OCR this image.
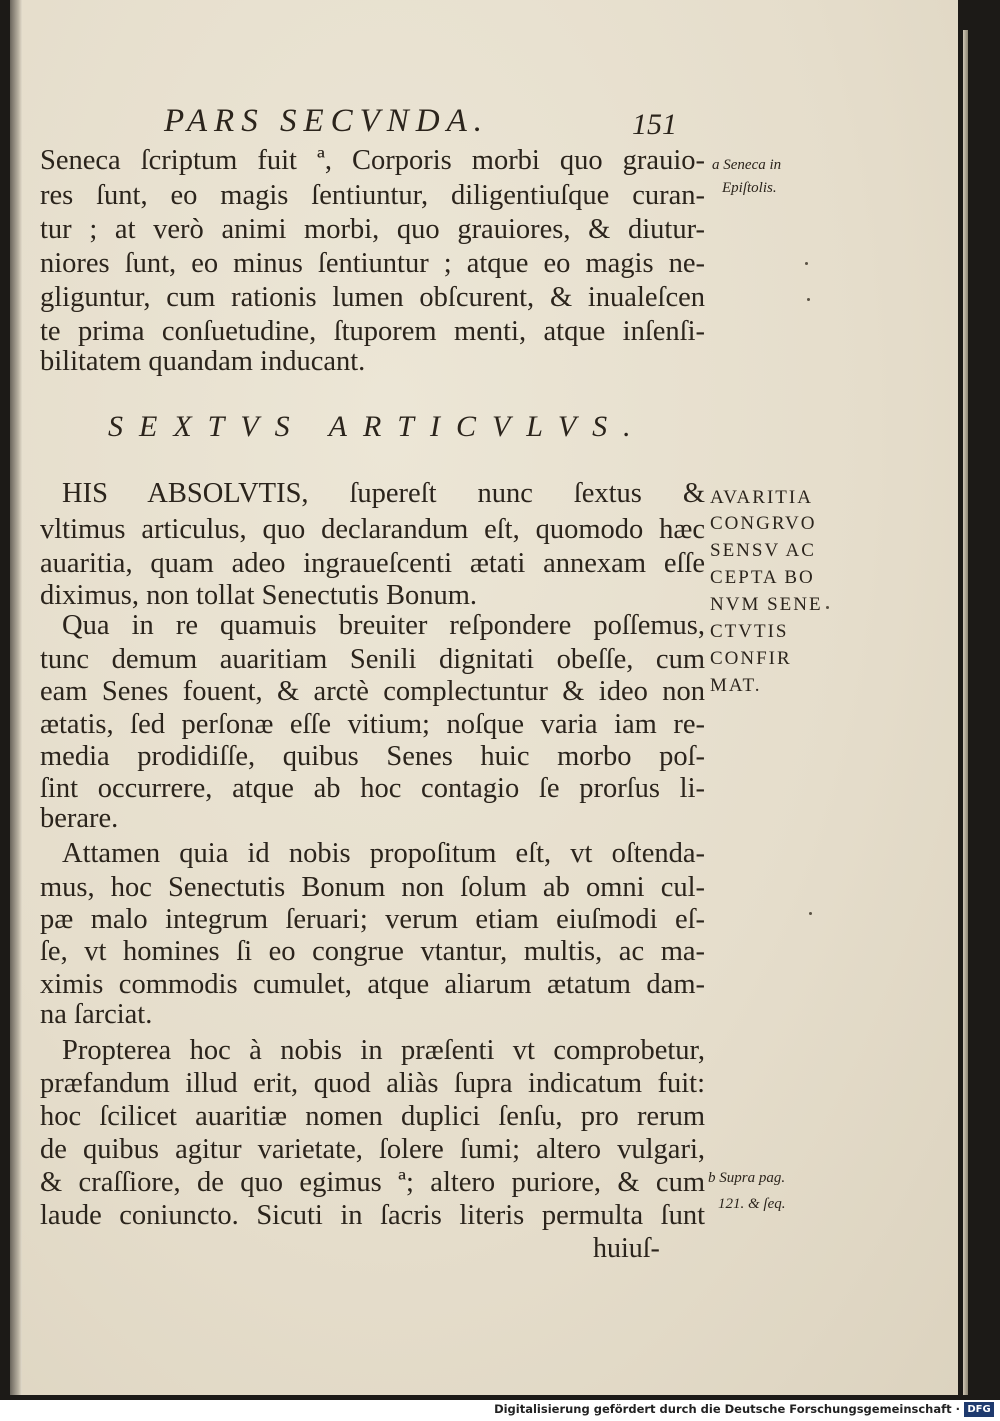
PARS SECVNDA.	151
Seneca ſcriptum fuit ª, Corporis morbi quo grauio-
res ſunt, eo magis ſentiuntur, diligentiuſque curan-
tur ; at verò animi morbi, quo grauiores, & diutur-
niores ſunt, eo minus ſentiuntur ; atque eo magis ne-
gliguntur, cum rationis lumen obſcurent, & inualeſcen
te prima conſuetudine, ſtuporem menti, atque inſenſi-
bilitatem quandam inducant.
SEXTVS ARTICVLVS.
HIS ABSOLVTIS, ſupereſt nunc ſextus &
vltimus articulus, quo declarandum eſt, quomodo hæc
auaritia, quam adeo ingraueſcenti ætati annexam eſſe
diximus, non tollat Senectutis Bonum.
Qua in re quamuis breuiter reſpondere poſſemus,
tunc demum auaritiam Senili dignitati obeſſe, cum
eam Senes fouent, & arctè complectuntur & ideo non
ætatis, ſed perſonæ eſſe vitium; noſque varia iam re-
media prodidiſſe, quibus Senes huic morbo poſ-
ſint occurrere, atque ab hoc contagio ſe prorſus li-
berare.
Attamen quia id nobis propoſitum eſt, vt oſtenda-
mus, hoc Senectutis Bonum non ſolum ab omni cul-
pæ malo integrum ſeruari; verum etiam eiuſmodi eſ-
ſe, vt homines ſi eo congrue vtantur, multis, ac ma-
ximis commodis cumulet, atque aliarum ætatum dam-
na ſarciat.
Propterea hoc à nobis in præſenti vt comprobetur,
præfandum illud erit, quod aliàs ſupra indicatum fuit:
hoc ſcilicet auaritiæ nomen duplici ſenſu, pro rerum
de quibus agitur varietate, ſolere ſumi; altero vulgari,
& craſſiore, de quo egimus ª; altero puriore, & cum
laude coniuncto. Sicuti in ſacris literis permulta ſunt
huiuſ-
a Seneca in
Epiſtolis.
AVARITIA
CONGRVO
SENSV AC
CEPTA BO
NVM SENE
CTVTIS
CONFIR
MAT.
b Supra pag.
121. & ſeq.
Digitalisierung gefördert durch die Deutsche Forschungsgemeinschaft · DFG
